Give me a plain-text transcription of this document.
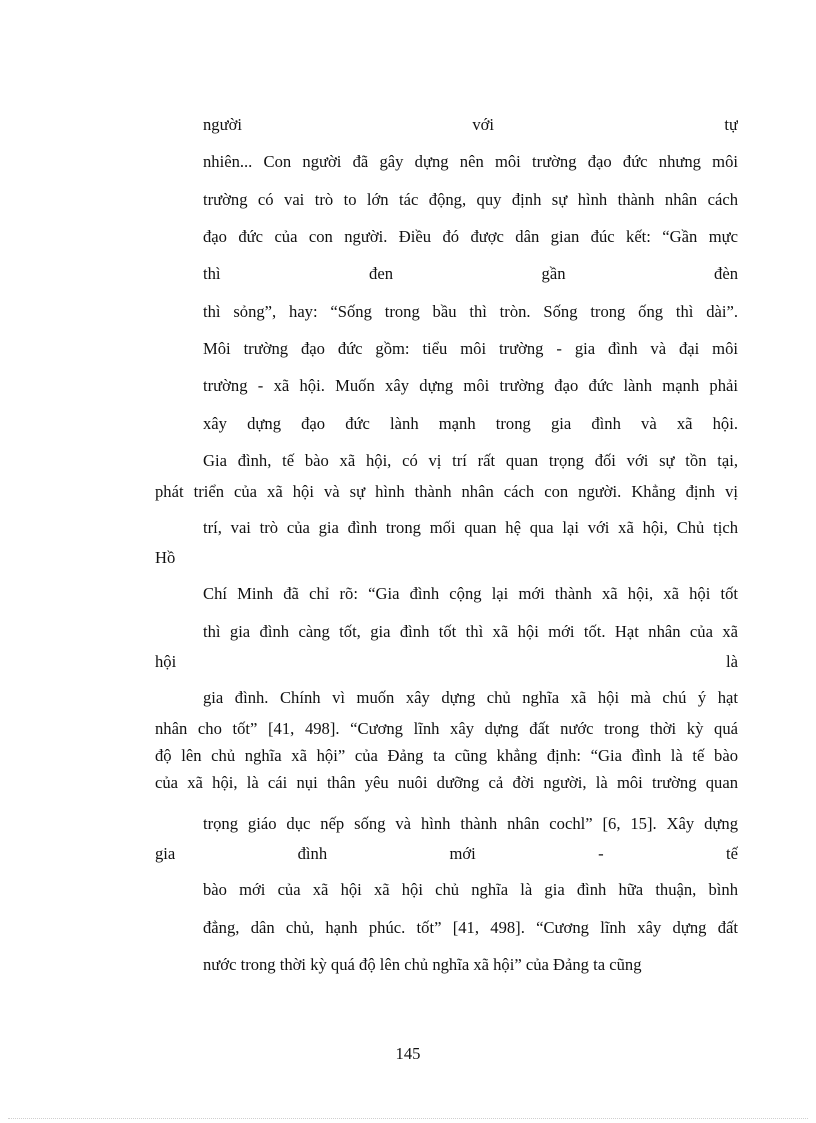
người với tự
nhiên... Con người đã gây dựng nên môi trường đạo đức nhưng môi
trường có vai trò to lớn tác động, quy định sự hình thành nhân cách
đạo đức của con người. Điều đó được dân gian đúc kết: “Gần mực
thì đen gần đèn
thì sỏng”, hay: “Sống trong bầu thì tròn. Sống trong ống thì dài”.
Môi trường đạo đức gồm: tiểu môi trường - gia đình và đại môi
trường - xã hội. Muốn xây dựng môi trường đạo đức lành mạnh phải
xây dựng đạo đức lành mạnh trong gia đình và xã hội.
Gia đình, tế bào xã hội, có vị trí rất quan trọng đối với sự tồn tại,
phát triển của xã hội và sự hình thành nhân cách con người. Khẳng định vị
trí, vai trò của gia đình trong mối quan hệ qua lại với xã hội, Chủ tịch
Hồ
Chí Minh đã chỉ rõ: “Gia đình cộng lại mới thành xã hội, xã hội tốt
thì gia đình càng tốt, gia đình tốt thì xã hội mới tốt. Hạt nhân của xã
hội là
gia đình. Chính vì muốn xây dựng chủ nghĩa xã hội mà chú ý hạt
nhân cho tốt” [41, 498]. “Cương lĩnh xây dựng đất nước trong thời kỳ quá
độ lên chủ nghĩa xã hội” của Đảng ta cũng khẳng định: “Gia đình là tế bào
của xã hội, là cái nụi thân yêu nuôi dưỡng cả đời người, là môi trường quan
trọng giáo dục nếp sống và hình thành nhân cochl” [6, 15]. Xây dựng
gia đình mới - tế
bào mới của xã hội xã hội chủ nghĩa là gia đình hữa thuận, bình
đẳng, dân chủ, hạnh phúc. tốt” [41, 498]. “Cương lĩnh xây dựng đất
nước trong thời kỳ quá độ lên chủ nghĩa xã hội” của Đảng ta cũng
145
